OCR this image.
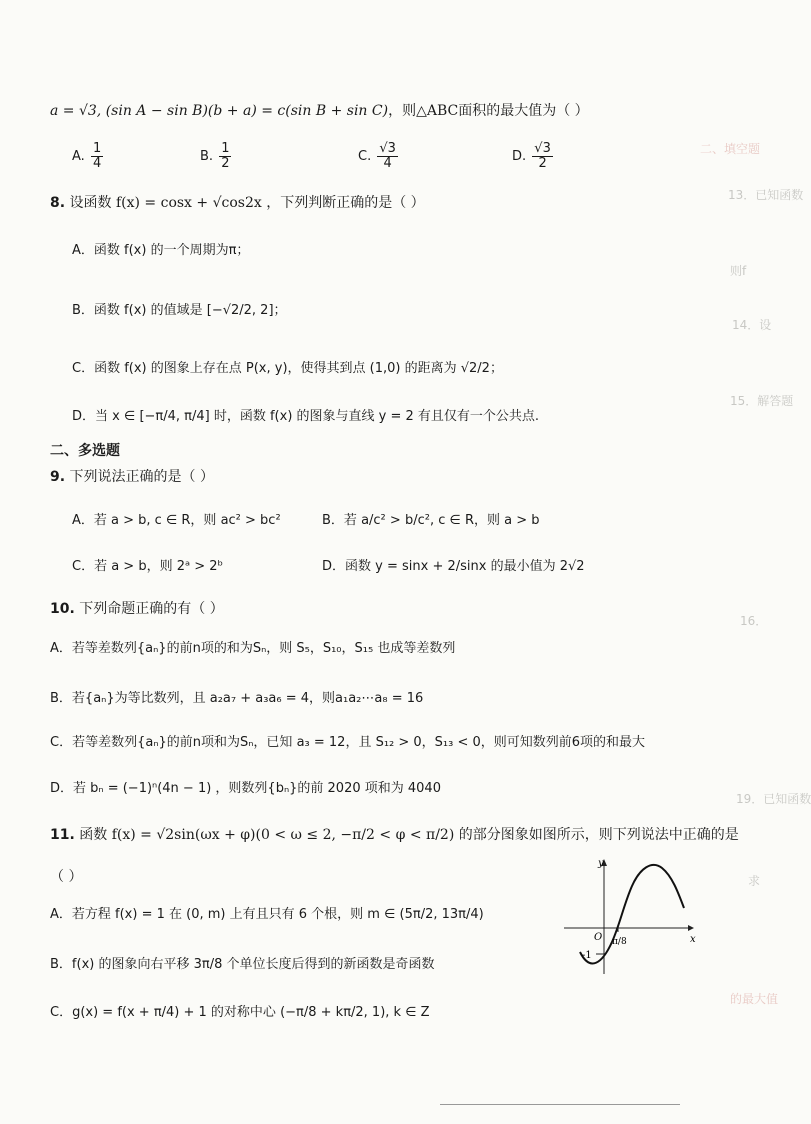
a = √3, (sin A − sin B)(b + a) = c(sin B + sin C)，则△ABC面积的最大值为（ ）
A. $\frac{1}{4}$	B. $\frac{1}{2}$	C. $\frac{√3}{4}$	D. $\frac{√3}{2}$
8. 设函数 f(x) = cosx + √cos2x ，下列判断正确的是（ ）
A．函数 f(x) 的一个周期为π；
B．函数 f(x) 的值域是 [−√2/2, 2]；
C．函数 f(x) 的图象上存在点 P(x, y)，使得其到点 (1,0) 的距离为 √2/2；
D．当 x ∈ [−π/4, π/4] 时，函数 f(x) 的图象与直线 y = 2 有且仅有一个公共点.
二、多选题
9. 下列说法正确的是（ ）
A．若 a > b, c ∈ R，则 ac² > bc²	B．若 a/c² > b/c², c ∈ R，则 a > b
C．若 a > b，则 2ᵃ > 2ᵇ	D．函数 y = sinx + 2/sinx 的最小值为 2√2
10. 下列命题正确的有（ ）
A．若等差数列{aₙ}的前n项的和为Sₙ，则 S₅，S₁₀，S₁₅ 也成等差数列
B．若{aₙ}为等比数列，且 a₂a₇ + a₃a₆ = 4，则a₁a₂⋯a₈ = 16
C．若等差数列{aₙ}的前n项和为Sₙ，已知 a₃ = 12，且 S₁₂ > 0，S₁₃ < 0，则可知数列前6项的和最大
D．若 bₙ = (−1)ⁿ(4n − 1) ，则数列{bₙ}的前 2020 项和为 4040
11. 函数 f(x) = √2sin(ωx + φ)(0 < ω ≤ 2, −π/2 < φ < π/2) 的部分图象如图所示，则下列说法中正确的是
（ ）
A．若方程 f(x) = 1 在 (0, m) 上有且只有 6 个根，则 m ∈ (5π/2, 13π/4)
B．f(x) 的图象向右平移 3π/8 个单位长度后得到的新函数是奇函数
C．g(x) = f(x + π/4) + 1 的对称中心 (−π/8 + kπ/2, 1), k ∈ Z
y
x
O π/8
-1
二、填空题
13．已知函数
则f
14．设
15．解答题
16．
19．已知函数
求
的最大值
